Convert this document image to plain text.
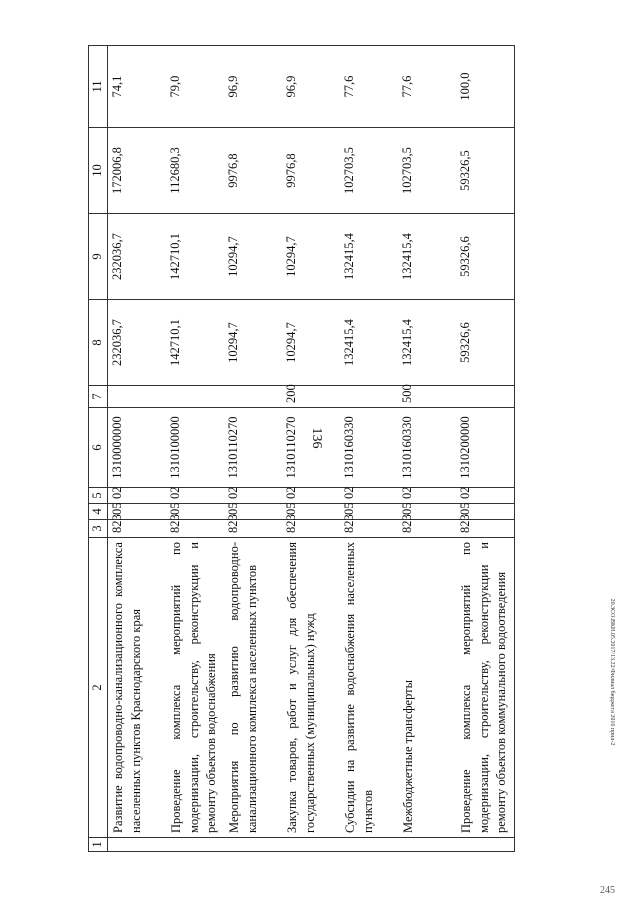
136
20.ЗСО.ВКИ.05.2017/13.22/Филиал бюджета 2016 прил-2
245
1	2	3	4	5	6	7	8	9	10	11
	Развитие водопроводно-канализационного комплекса населенных пунктов Краснодарского края	823	05	02	1310000000		232036,7	232036,7	172006,8	74,1
	Проведение комплекса мероприятий по модернизации, строительству, реконструкции и ремонту объектов водоснабжения	823	05	02	1310100000		142710,1	142710,1	112680,3	79,0
	Мероприятия по развитию водопроводно-канализационного комплекса населенных пунктов	823	05	02	1310110270		10294,7	10294,7	9976,8	96,9
	Закупка товаров, работ и услуг для обеспечения государственных (муниципальных) нужд	823	05	02	1310110270	200	10294,7	10294,7	9976,8	96,9
	Субсидии на развитие водоснабжения населенных пунктов	823	05	02	1310160330		132415,4	132415,4	102703,5	77,6
	Межбюджетные трансферты	823	05	02	1310160330	500	132415,4	132415,4	102703,5	77,6
	Проведение комплекса мероприятий по модернизации, строительству, реконструкции и ремонту объектов коммунального водоотведения	823	05	02	1310200000		59326,6	59326,6	59326,5	100,0
